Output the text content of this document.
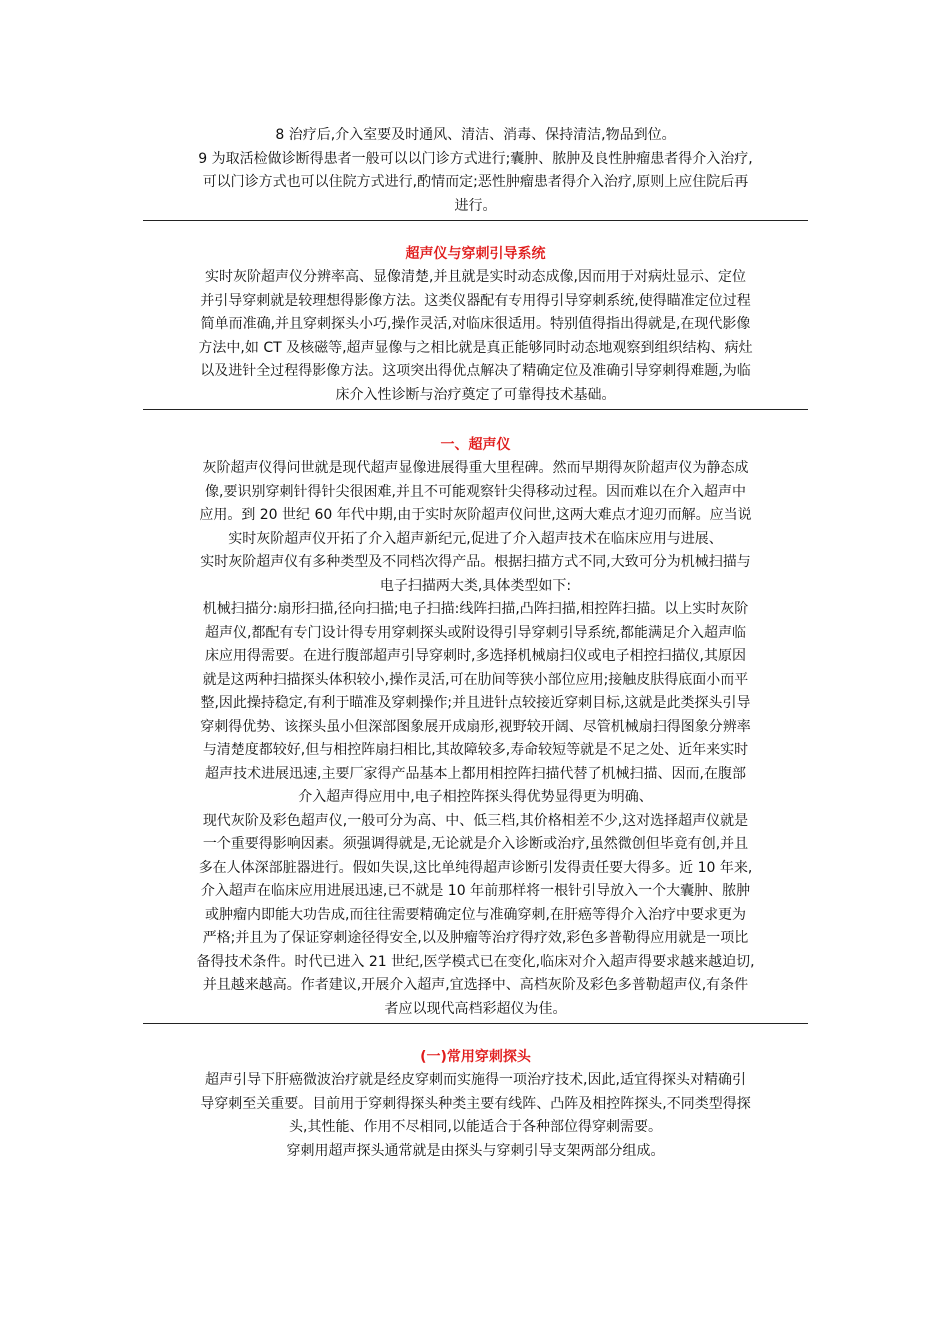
8 治疗后,介入室要及时通风、清洁、消毒、保持清洁,物品到位。

9 为取活检做诊断得患者一般可以以门诊方式进行;囊肿、脓肿及良性肿瘤患者得介入治疗,

可以门诊方式也可以住院方式进行,酌情而定;恶性肿瘤患者得介入治疗,原则上应住院后再

进行。

超声仪与穿刺引导系统

实时灰阶超声仪分辨率高、显像清楚,并且就是实时动态成像,因而用于对病灶显示、定位

并引导穿刺就是较理想得影像方法。这类仪器配有专用得引导穿刺系统,使得瞄准定位过程

简单而准确,并且穿刺探头小巧,操作灵活,对临床很适用。特别值得指出得就是,在现代影像

方法中,如 CT 及核磁等,超声显像与之相比就是真正能够同时动态地观察到组织结构、病灶

以及进针全过程得影像方法。这项突出得优点解决了精确定位及准确引导穿刺得难题,为临

床介入性诊断与治疗奠定了可靠得技术基础。

一、超声仪

灰阶超声仪得问世就是现代超声显像进展得重大里程碑。然而早期得灰阶超声仪为静态成

像,要识别穿刺针得针尖很困难,并且不可能观察针尖得移动过程。因而难以在介入超声中

应用。到 20 世纪 60 年代中期,由于实时灰阶超声仪问世,这两大难点才迎刃而解。应当说

实时灰阶超声仪开拓了介入超声新纪元,促进了介入超声技术在临床应用与进展、

实时灰阶超声仪有多种类型及不同档次得产品。根据扫描方式不同,大致可分为机械扫描与

电子扫描两大类,具体类型如下:

机械扫描分:扇形扫描,径向扫描;电子扫描:线阵扫描,凸阵扫描,相控阵扫描。以上实时灰阶

超声仪,都配有专门设计得专用穿刺探头或附设得引导穿刺引导系统,都能满足介入超声临

床应用得需要。在进行腹部超声引导穿刺时,多选择机械扇扫仪或电子相控扫描仪,其原因

就是这两种扫描探头体积较小,操作灵活,可在肋间等狭小部位应用;接触皮肤得底面小而平

整,因此操持稳定,有利于瞄准及穿刺操作;并且进针点较接近穿刺目标,这就是此类探头引导

穿刺得优势、该探头虽小但深部图象展开成扇形,视野较开阔、尽管机械扇扫得图象分辨率

与清楚度都较好,但与相控阵扇扫相比,其故障较多,寿命较短等就是不足之处、近年来实时

超声技术进展迅速,主要厂家得产品基本上都用相控阵扫描代替了机械扫描、因而,在腹部

介入超声得应用中,电子相控阵探头得优势显得更为明确、

现代灰阶及彩色超声仪,一般可分为高、中、低三档,其价格相差不少,这对选择超声仪就是

一个重要得影响因素。须强调得就是,无论就是介入诊断或治疗,虽然微创但毕竟有创,并且

多在人体深部脏器进行。假如失误,这比单纯得超声诊断引发得责任要大得多。近 10 年来,

介入超声在临床应用进展迅速,已不就是 10 年前那样将一根针引导放入一个大囊肿、脓肿

或肿瘤内即能大功告成,而往往需要精确定位与准确穿刺,在肝癌等得介入治疗中要求更为

严格;并且为了保证穿刺途径得安全,以及肿瘤等治疗得疗效,彩色多普勒得应用就是一项比

备得技术条件。时代已进入 21 世纪,医学模式已在变化,临床对介入超声得要求越来越迫切,

并且越来越高。作者建议,开展介入超声,宜选择中、高档灰阶及彩色多普勒超声仪,有条件

者应以现代高档彩超仪为佳。

(一)常用穿刺探头

超声引导下肝癌微波治疗就是经皮穿刺而实施得一项治疗技术,因此,适宜得探头对精确引

导穿刺至关重要。目前用于穿刺得探头种类主要有线阵、凸阵及相控阵探头,不同类型得探

头,其性能、作用不尽相同,以能适合于各种部位得穿刺需要。

穿刺用超声探头通常就是由探头与穿刺引导支架两部分组成。
